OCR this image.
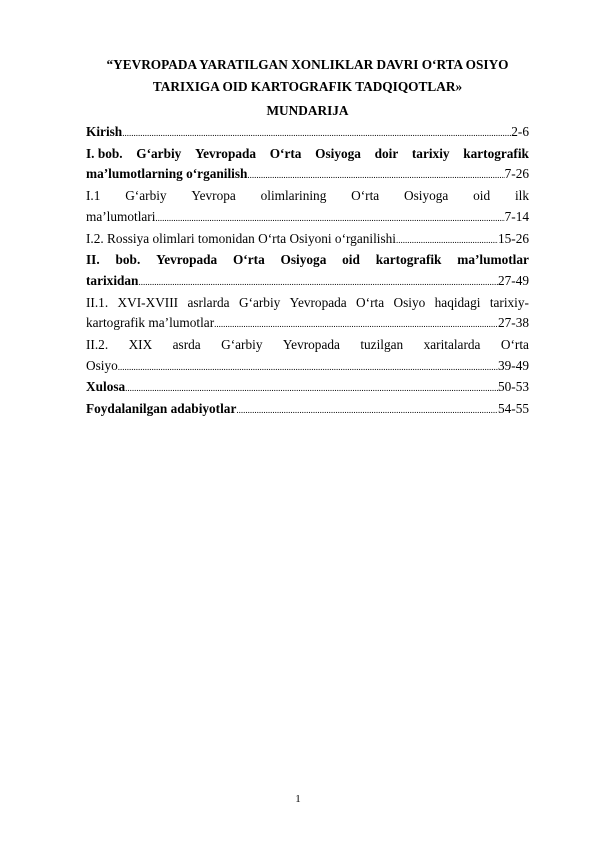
“YEVROPADA YARATILGAN XONLIKLAR DAVRI O‘RTA OSIYO

TARIXIGA OID KARTOGRAFIK TADQIQOTLAR»

MUNDARIJA

Kirish .....	2-6
I. bob. G‘arbiy Yevropada O‘rta Osiyoga doir tarixiy kartografik
ma’lumotlarning o‘rganilish .....	7-26
I.1 G‘arbiy Yevropa olimlarining O‘rta Osiyoga oid ilk
ma’lumotlari .....	7-14
I.2. Rossiya olimlari tomonidan O‘rta Osiyoni o‘rganilishi .....	15-26
II. bob. Yevropada O‘rta Osiyoga oid kartografik ma’lumotlar
tarixidan .....	27-49
II.1. XVI-XVIII asrlarda G‘arbiy Yevropada O‘rta Osiyo haqidagi tarixiy-
kartografik ma’lumotlar .....	27-38
II.2. XIX asrda G‘arbiy Yevropada tuzilgan xaritalarda O‘rta
Osiyo .....	39-49
Xulosa .....	50-53
Foydalanilgan adabiyotlar .....	54-55
1
